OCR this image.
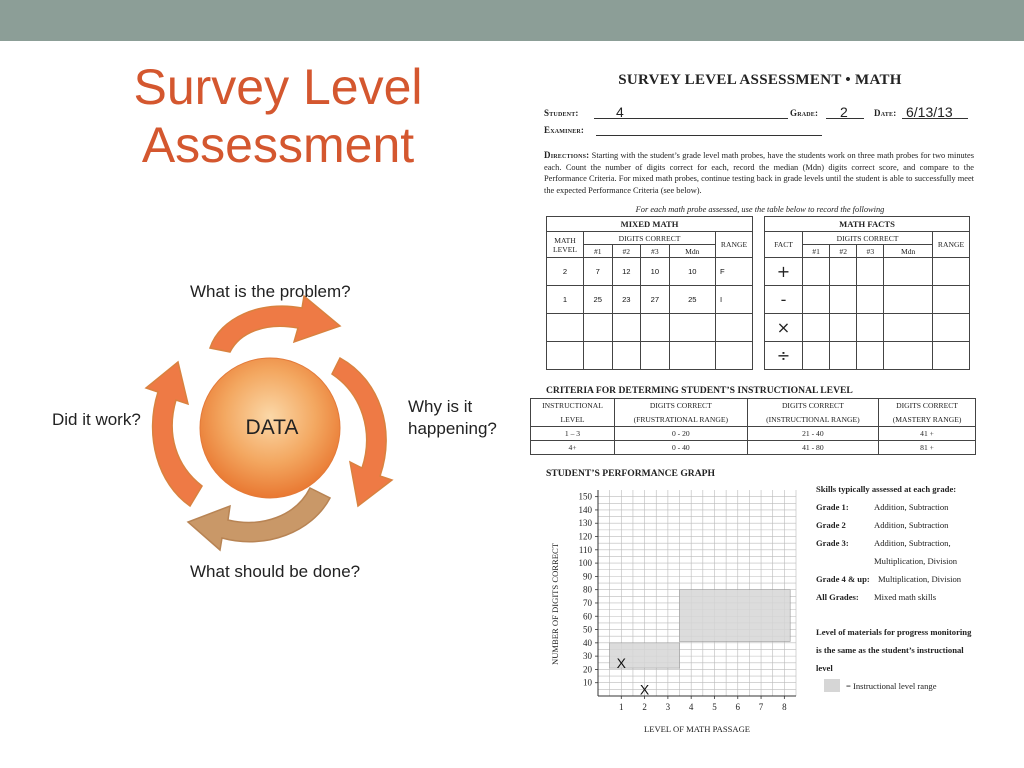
Survey Level
Assessment
DATA
What is the problem?
Why is it
happening?
What should be done?
Did it work?
SURVEY LEVEL ASSESSMENT • MATH
Student:	4	Grade: 2	Date: 6/13/13
Examiner:
Directions: Starting with the student’s grade level math probes, have the students work on three math probes for two minutes each. Count the number of digits correct for each, record the median (Mdn) digits correct score, and compare to the Performance Criteria. For mixed math probes, continue testing back in grade levels until the student is able to successfully meet the expected Performance Criteria (see below).
For each math probe assessed, use the table below to record the following
MIXED MATH					
MATH LEVEL	DIGITS CORRECT				RANGE
	#1	#2	#3	Mdn	
2	7	12	10	10	F
1	25	23	27	25	I

MATH FACTS					
FACT	DIGITS CORRECT				RANGE
	#1	#2	#3	Mdn	
+					
-					
×					
÷					
CRITERIA FOR DETERMING STUDENT’S INSTRUCTIONAL LEVEL
INSTRUCTIONAL	DIGITS CORRECT	DIGITS CORRECT	DIGITS CORRECT
LEVEL	(FRUSTRATIONAL RANGE)	(INSTRUCTIONAL RANGE)	(MASTERY RANGE)
1 – 3	0 - 20	21 - 40	41 +
4+	0 - 40	41 - 80	81 +
STUDENT’S PERFORMANCE GRAPH
10
20
30
40
50
60
70
80
90
100
110
120
130
140
150
1 2 3 4 5 6 7 8
X
X
NUMBER OF DIGITS CORRECT
LEVEL OF MATH PASSAGE
Skills typically assessed at each grade:
Grade 1:	Addition, Subtraction
Grade 2	Addition, Subtraction
Grade 3:	Addition, Subtraction, Multiplication, Division
Grade 4 & up: Multiplication, Division
All Grades:	Mixed math skills
Level of materials for progress monitoring is the same as the student’s instructional level
= Instructional level range
